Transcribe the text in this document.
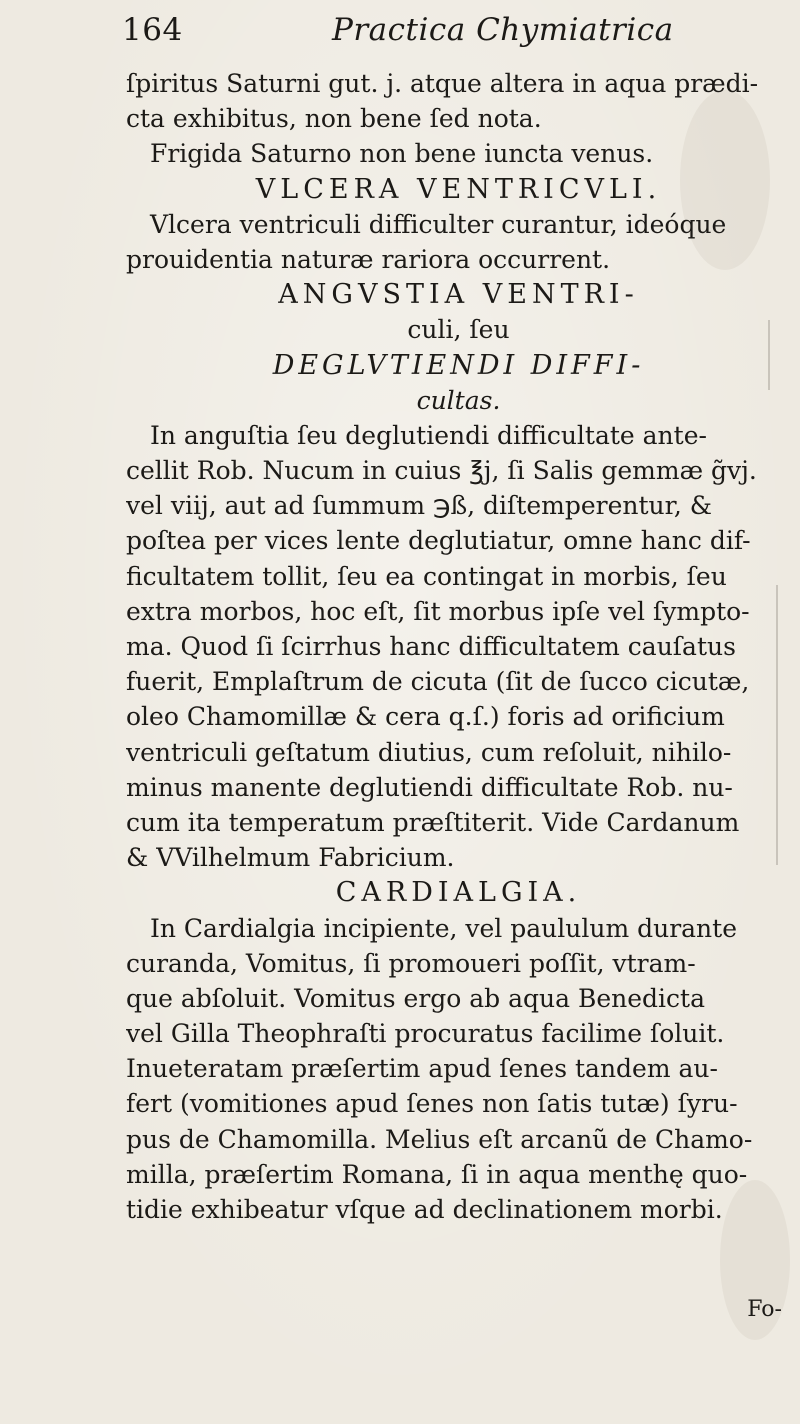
164	Practica Chymiatrica
ſpiritus Saturni gut. j. atque altera in aqua prædi-
cta exhibitus, non bene ſed nota.
Frigida Saturno non bene iuncta venus.
VLCERA VENTRICVLI.
Vlcera ventriculi difficulter curantur, ideóque
prouidentia naturæ rariora occurrent.
ANGVSTIA VENTRI-
culi, ſeu
DEGLVTIENDI DIFFI-
cultas.
In anguſtia ſeu deglutiendi difficultate ante-
cellit Rob. Nucum in cuius ℥j, ſi Salis gemmæ g̃vj.
vel viij, aut ad ſummum ℈ß, diſtemperentur, &
poſtea per vices lente deglutiatur, omne hanc dif-
ficultatem tollit, ſeu ea contingat in morbis, ſeu
extra morbos, hoc eſt, ſit morbus ipſe vel ſympto-
ma. Quod ſi ſcirrhus hanc difficultatem cauſatus
fuerit, Emplaſtrum de cicuta (ſit de ſucco cicutæ,
oleo Chamomillæ & cera q.ſ.) foris ad orificium
ventriculi geſtatum diutius, cum reſoluit, nihilo-
minus manente deglutiendi difficultate Rob. nu-
cum ita temperatum præſtiterit. Vide Cardanum
& VVilhelmum Fabricium.
CARDIALGIA.
In Cardialgia incipiente, vel paululum durante
curanda, Vomitus, ſi promoueri poſſit, vtram-
que abſoluit. Vomitus ergo ab aqua Benedicta
vel Gilla Theophraſti procuratus facilime ſoluit.
Inueteratam præſertim apud ſenes tandem au-
fert (vomitiones apud ſenes non ſatis tutæ) ſyru-
pus de Chamomilla. Melius eſt arcanũ de Chamo-
milla, præſertim Romana, ſi in aqua menthę quo-
tidie exhibeatur vſque ad declinationem morbi.
Fo-
